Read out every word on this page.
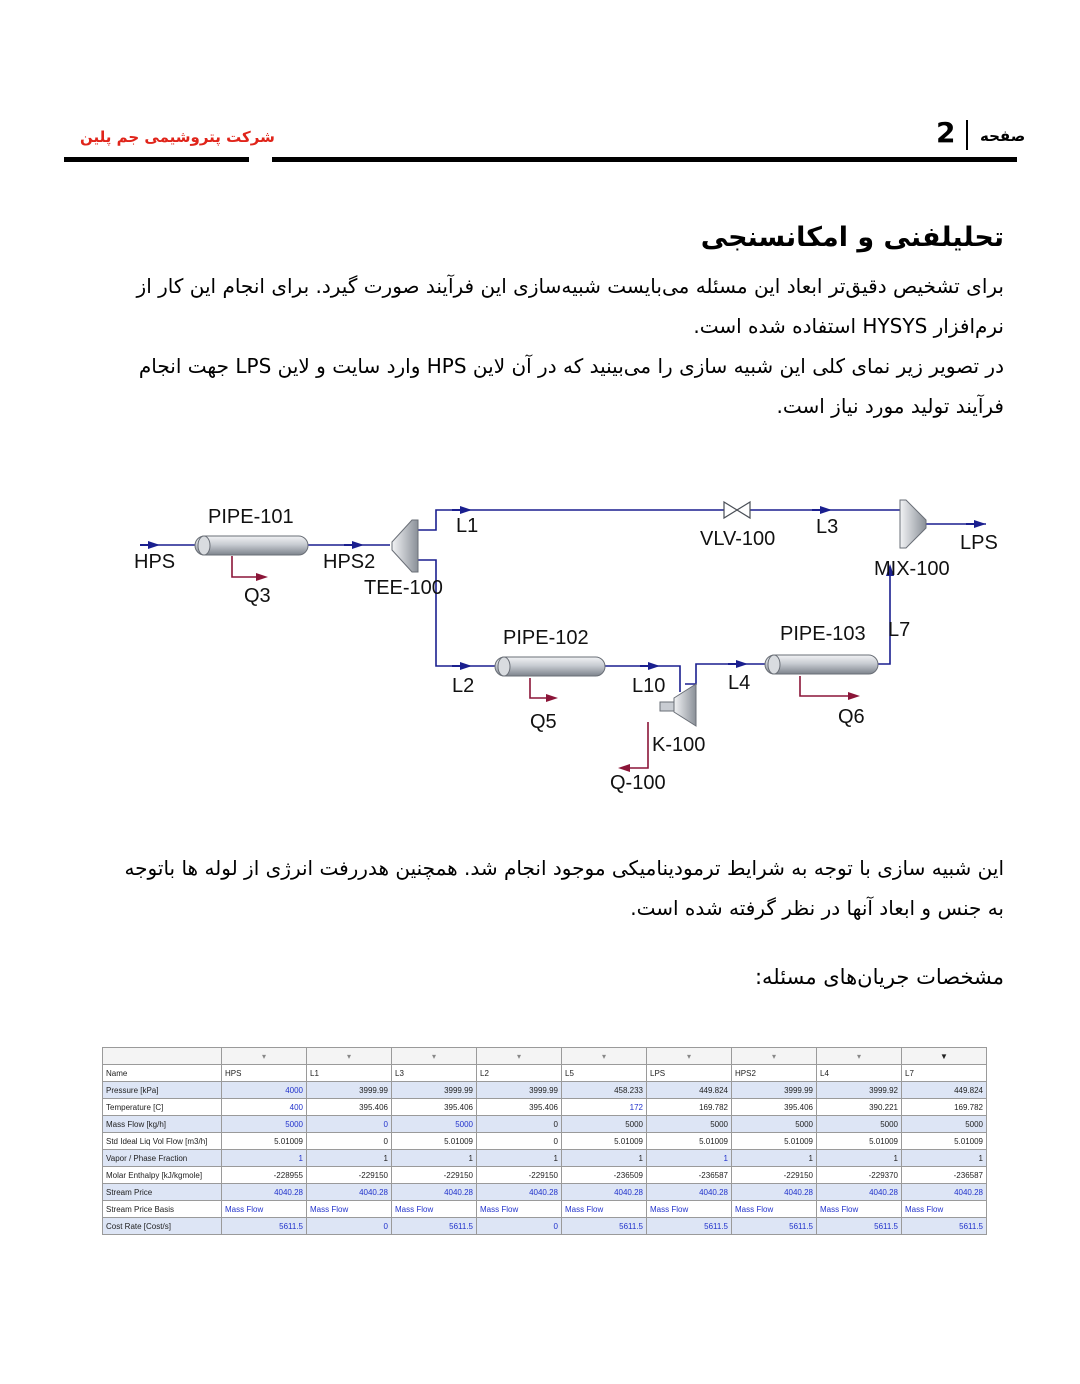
شرکت پتروشیمی جم پلین	2 صفحه
تحلیلفنی و امکانسنجی
برای تشخیص دقیق‌تر ابعاد این مسئله می‌بایست شبیه‌سازی این فرآیند صورت گیرد. برای انجام این کار از نرم‌افزار HYSYS استفاده شده است.
در تصویر زیر نمای کلی این شبیه سازی را می‌بینید که در آن لاین HPS وارد سایت و لاین LPS جهت انجام فرآیند تولید مورد نیاز است.
PIPE-101
HPS
Q3
HPS2
TEE-100
L1
VLV-100
L3
LPS
MIX-100
PIPE-102	PIPE-103 L7
L2	L10	L4
Q5	Q6
K-100
Q-100
این شبیه سازی با توجه به شرایط ترمودینامیکی موجود انجام شد. همچنین هدررفت انرژی از لوله ها باتوجه به جنس و ابعاد آنها در نظر گرفته شده است.
مشخصات جریان‌های مسئله:
	▾	▾	▾	▾	▾	▾	▾	▾	▼
Name	HPS	L1	L3	L2	L5	LPS	HPS2	L4	L7
Pressure [kPa]	4000	3999.99	3999.99	3999.99	458.233	449.824	3999.99	3999.92	449.824
Temperature [C]	400	395.406	395.406	395.406	172	169.782	395.406	390.221	169.782
Mass Flow [kg/h]	5000	0	5000	0	5000	5000	5000	5000	5000
Std Ideal Liq Vol Flow [m3/h]	5.01009	0	5.01009	0	5.01009	5.01009	5.01009	5.01009	5.01009
Vapor / Phase Fraction	1	1	1	1	1	1	1	1	1
Molar Enthalpy [kJ/kgmole]	-228955	-229150	-229150	-229150	-236509	-236587	-229150	-229370	-236587
Stream Price	4040.28	4040.28	4040.28	4040.28	4040.28	4040.28	4040.28	4040.28	4040.28
Stream Price Basis	Mass Flow	Mass Flow	Mass Flow	Mass Flow	Mass Flow	Mass Flow	Mass Flow	Mass Flow	Mass Flow
Cost Rate [Cost/s]	5611.5	0	5611.5	0	5611.5	5611.5	5611.5	5611.5	5611.5
